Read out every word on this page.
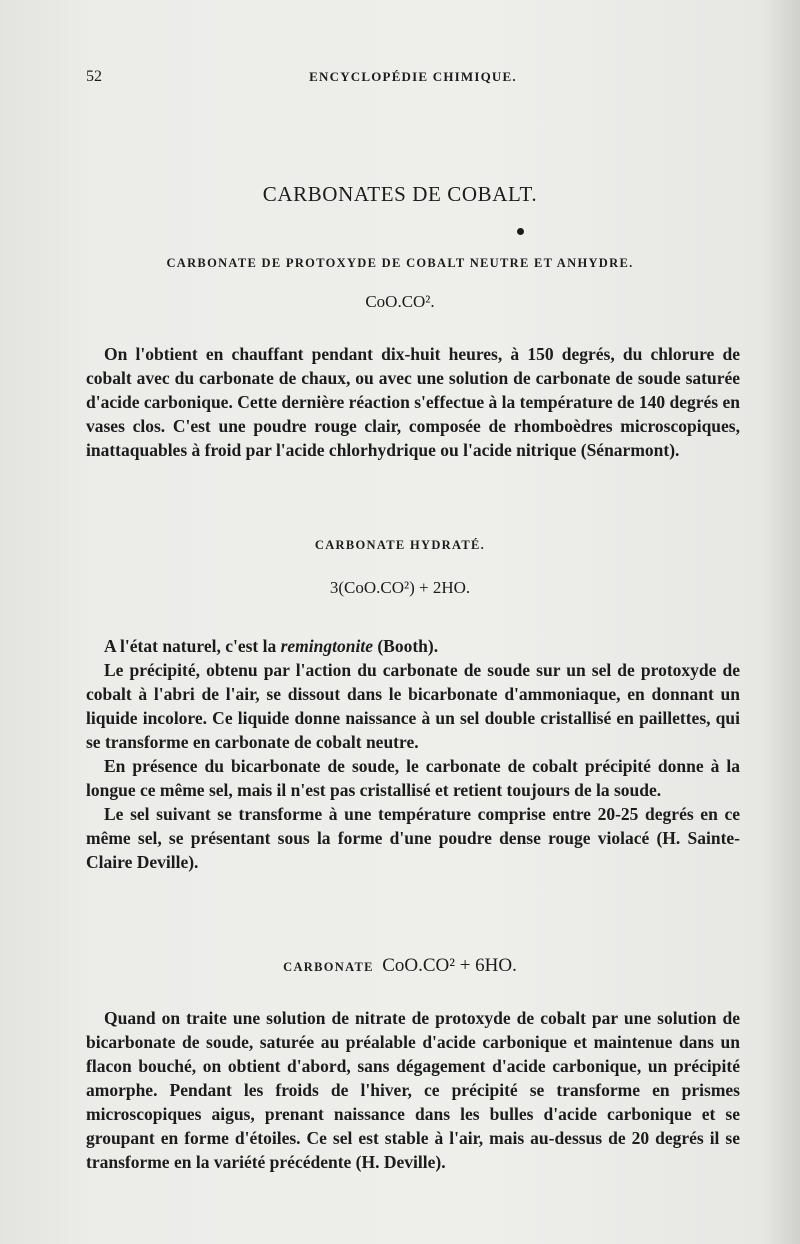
52	ENCYCLOPÉDIE CHIMIQUE.
CARBONATES DE COBALT.
CARBONATE DE PROTOXYDE DE COBALT NEUTRE ET ANHYDRE.
CoO.CO².

On l'obtient en chauffant pendant dix-huit heures, à 150 degrés, du chlorure de cobalt avec du carbonate de chaux, ou avec une solution de carbonate de soude saturée d'acide carbonique. Cette dernière réaction s'effectue à la température de 140 degrés en vases clos. C'est une poudre rouge clair, composée de rhomboèdres microscopiques, inattaquables à froid par l'acide chlorhydrique ou l'acide nitrique (Sénarmont).

CARBONATE HYDRATÉ.
3(CoO.CO²) + 2HO.

A l'état naturel, c'est la remingtonite (Booth).

Le précipité, obtenu par l'action du carbonate de soude sur un sel de protoxyde de cobalt à l'abri de l'air, se dissout dans le bicarbonate d'ammoniaque, en donnant un liquide incolore. Ce liquide donne naissance à un sel double cristallisé en paillettes, qui se transforme en carbonate de cobalt neutre.

En présence du bicarbonate de soude, le carbonate de cobalt précipité donne à la longue ce même sel, mais il n'est pas cristallisé et retient toujours de la soude.

Le sel suivant se transforme à une température comprise entre 20-25 degrés en ce même sel, se présentant sous la forme d'une poudre dense rouge violacé (H. Sainte-Claire Deville).

CARBONATE CoO.CO² + 6HO.

Quand on traite une solution de nitrate de protoxyde de cobalt par une solution de bicarbonate de soude, saturée au préalable d'acide carbonique et maintenue dans un flacon bouché, on obtient d'abord, sans dégagement d'acide carbonique, un précipité amorphe. Pendant les froids de l'hiver, ce précipité se transforme en prismes microscopiques aigus, prenant naissance dans les bulles d'acide carbonique et se groupant en forme d'étoiles. Ce sel est stable à l'air, mais au-dessus de 20 degrés il se transforme en la variété précédente (H. Deville).
